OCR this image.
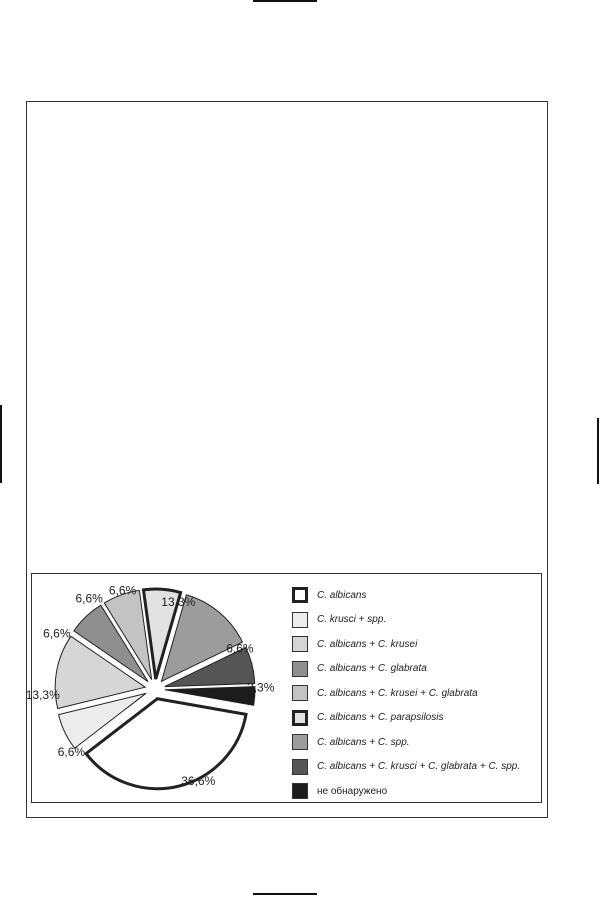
36,6%
6,6%
13,3%
6,6%
6,6%
6,6%
13,3%
6,6%
3,3%
C. albicans
C. krusci + spp.
C. albicans + C. krusei
C. albicans + C. glabrata
C. albicans + C. krusei + C. glabrata
C. albicans + C. parapsilosis
C. albicans + C. spp.
C. albicans + C. krusci + C. glabrata + C. spp.
не обнаружено
